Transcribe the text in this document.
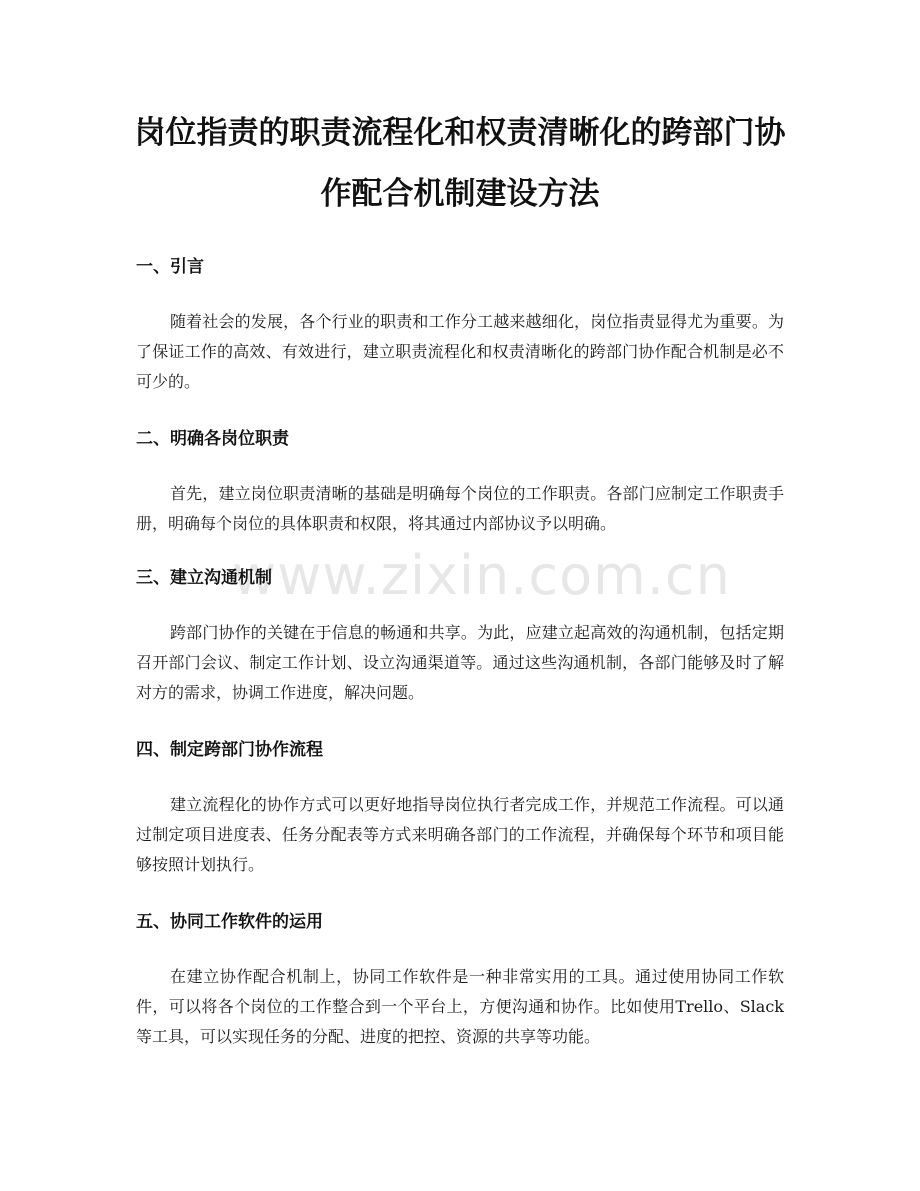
岗位指责的职责流程化和权责清晰化的跨部门协作配合机制建设方法
一、引言

随着社会的发展，各个行业的职责和工作分工越来越细化，岗位指责显得尤为重要。为了保证工作的高效、有效进行，建立职责流程化和权责清晰化的跨部门协作配合机制是必不可少的。

二、明确各岗位职责

首先，建立岗位职责清晰的基础是明确每个岗位的工作职责。各部门应制定工作职责手册，明确每个岗位的具体职责和权限，将其通过内部协议予以明确。

三、建立沟通机制

跨部门协作的关键在于信息的畅通和共享。为此，应建立起高效的沟通机制，包括定期召开部门会议、制定工作计划、设立沟通渠道等。通过这些沟通机制，各部门能够及时了解对方的需求，协调工作进度，解决问题。

四、制定跨部门协作流程

建立流程化的协作方式可以更好地指导岗位执行者完成工作，并规范工作流程。可以通过制定项目进度表、任务分配表等方式来明确各部门的工作流程，并确保每个环节和项目能够按照计划执行。

五、协同工作软件的运用

在建立协作配合机制上，协同工作软件是一种非常实用的工具。通过使用协同工作软件，可以将各个岗位的工作整合到一个平台上，方便沟通和协作。比如使用Trello、Slack等工具，可以实现任务的分配、进度的把控、资源的共享等功能。

www.zixin.com.cn
